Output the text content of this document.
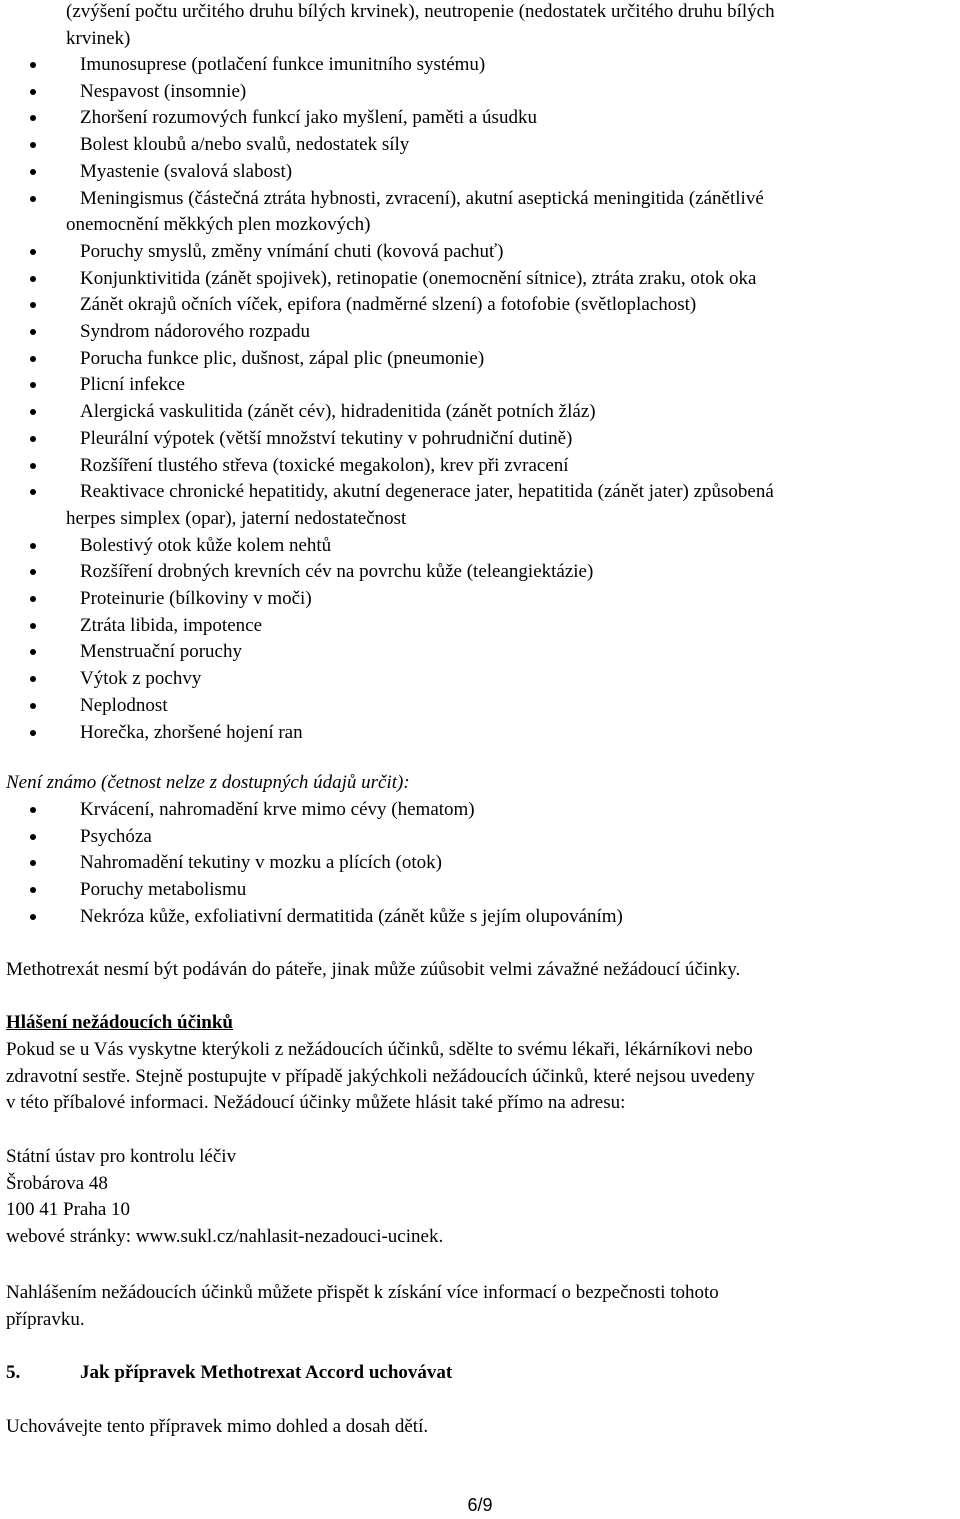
(zvýšení počtu určitého druhu bílých krvinek), neutropenie (nedostatek určitého druhu bílých
krvinek)
Imunosuprese (potlačení funkce imunitního systému)
Nespavost (insomnie)
Zhoršení rozumových funkcí jako myšlení, paměti a úsudku
Bolest kloubů a/nebo svalů, nedostatek síly
Myastenie (svalová slabost)
Meningismus (částečná ztráta hybnosti, zvracení), akutní aseptická meningitida (zánětlivé
onemocnění měkkých plen mozkových)
Poruchy smyslů, změny vnímání chuti (kovová pachuť)
Konjunktivitida (zánět spojivek), retinopatie (onemocnění sítnice), ztráta zraku, otok oka
Zánět okrajů očních víček, epifora (nadměrné slzení) a fotofobie (světloplachost)
Syndrom nádorového rozpadu
Porucha funkce plic, dušnost, zápal plic (pneumonie)
Plicní infekce
Alergická vaskulitida (zánět cév), hidradenitida (zánět potních žláz)
Pleurální výpotek (větší množství tekutiny v pohrudniční dutině)
Rozšíření tlustého střeva (toxické megakolon), krev při zvracení
Reaktivace chronické hepatitidy, akutní degenerace jater, hepatitida (zánět jater) způsobená
herpes simplex (opar), jaterní nedostatečnost
Bolestivý otok kůže kolem nehtů
Rozšíření drobných krevních cév na povrchu kůže (teleangiektázie)
Proteinurie (bílkoviny v moči)
Ztráta libida, impotence
Menstruační poruchy
Výtok z pochvy
Neplodnost
Horečka, zhoršené hojení ran
Není známo (četnost nelze z dostupných údajů určit):
Krvácení, nahromadění krve mimo cévy (hematom)
Psychóza
Nahromadění tekutiny v mozku a plících (otok)
Poruchy metabolismu
Nekróza kůže, exfoliativní dermatitida (zánět kůže s jejím olupováním)
Methotrexát nesmí být podáván do páteře, jinak může zúůsobit velmi závažné nežádoucí účinky.
Hlášení nežádoucích účinků
Pokud se u Vás vyskytne kterýkoli z nežádoucích účinků, sdělte to svému lékaři, lékárníkovi nebo
zdravotní sestře. Stejně postupujte v případě jakýchkoli nežádoucích účinků, které nejsou uvedeny
v této příbalové informaci. Nežádoucí účinky můžete hlásit také přímo na adresu:
Státní ústav pro kontrolu léčiv
Šrobárova 48
100 41 Praha 10
webové stránky: www.sukl.cz/nahlasit-nezadouci-ucinek.
Nahlášením nežádoucích účinků můžete přispět k získání více informací o bezpečnosti tohoto
přípravku.
5.	Jak přípravek Methotrexat Accord uchovávat
Uchovávejte tento přípravek mimo dohled a dosah dětí.
6/9
